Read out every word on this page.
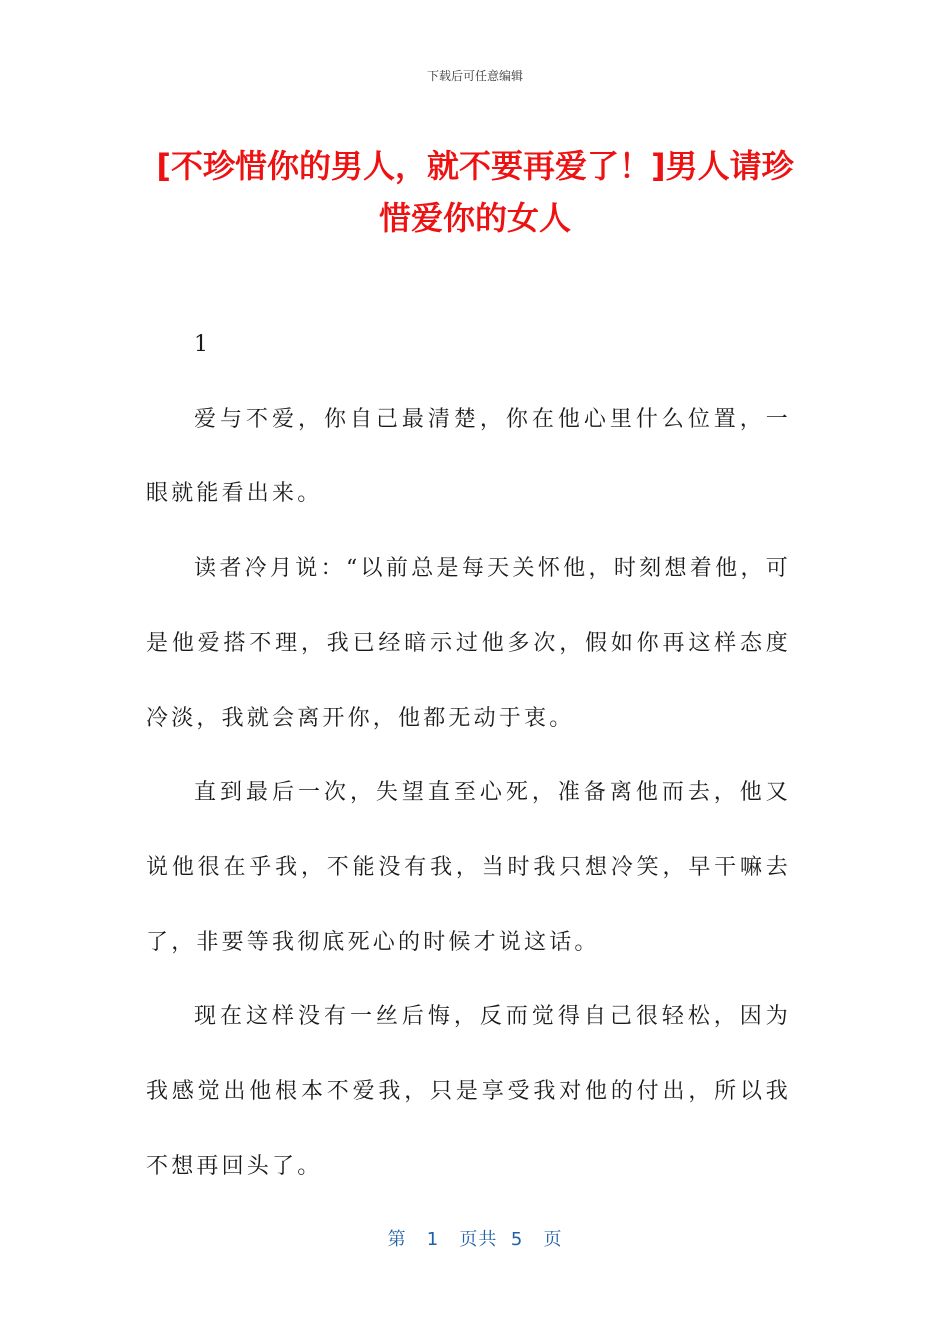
下载后可任意编辑
[不珍惜你的男人，就不要再爱了！]男人请珍惜爱你的女人

1

爱与不爱，你自己最清楚，你在他心里什么位置，一眼就能看出来。

读者冷月说：“以前总是每天关怀他，时刻想着他，可是他爱搭不理，我已经暗示过他多次，假如你再这样态度冷淡，我就会离开你，他都无动于衷。

直到最后一次，失望直至心死，准备离他而去，他又说他很在乎我，不能没有我，当时我只想冷笑，早干嘛去了，非要等我彻底死心的时候才说这话。

现在这样没有一丝后悔，反而觉得自己很轻松，因为我感觉出他根本不爱我，只是享受我对他的付出，所以我不想再回头了。

第 1 页共 5 页
